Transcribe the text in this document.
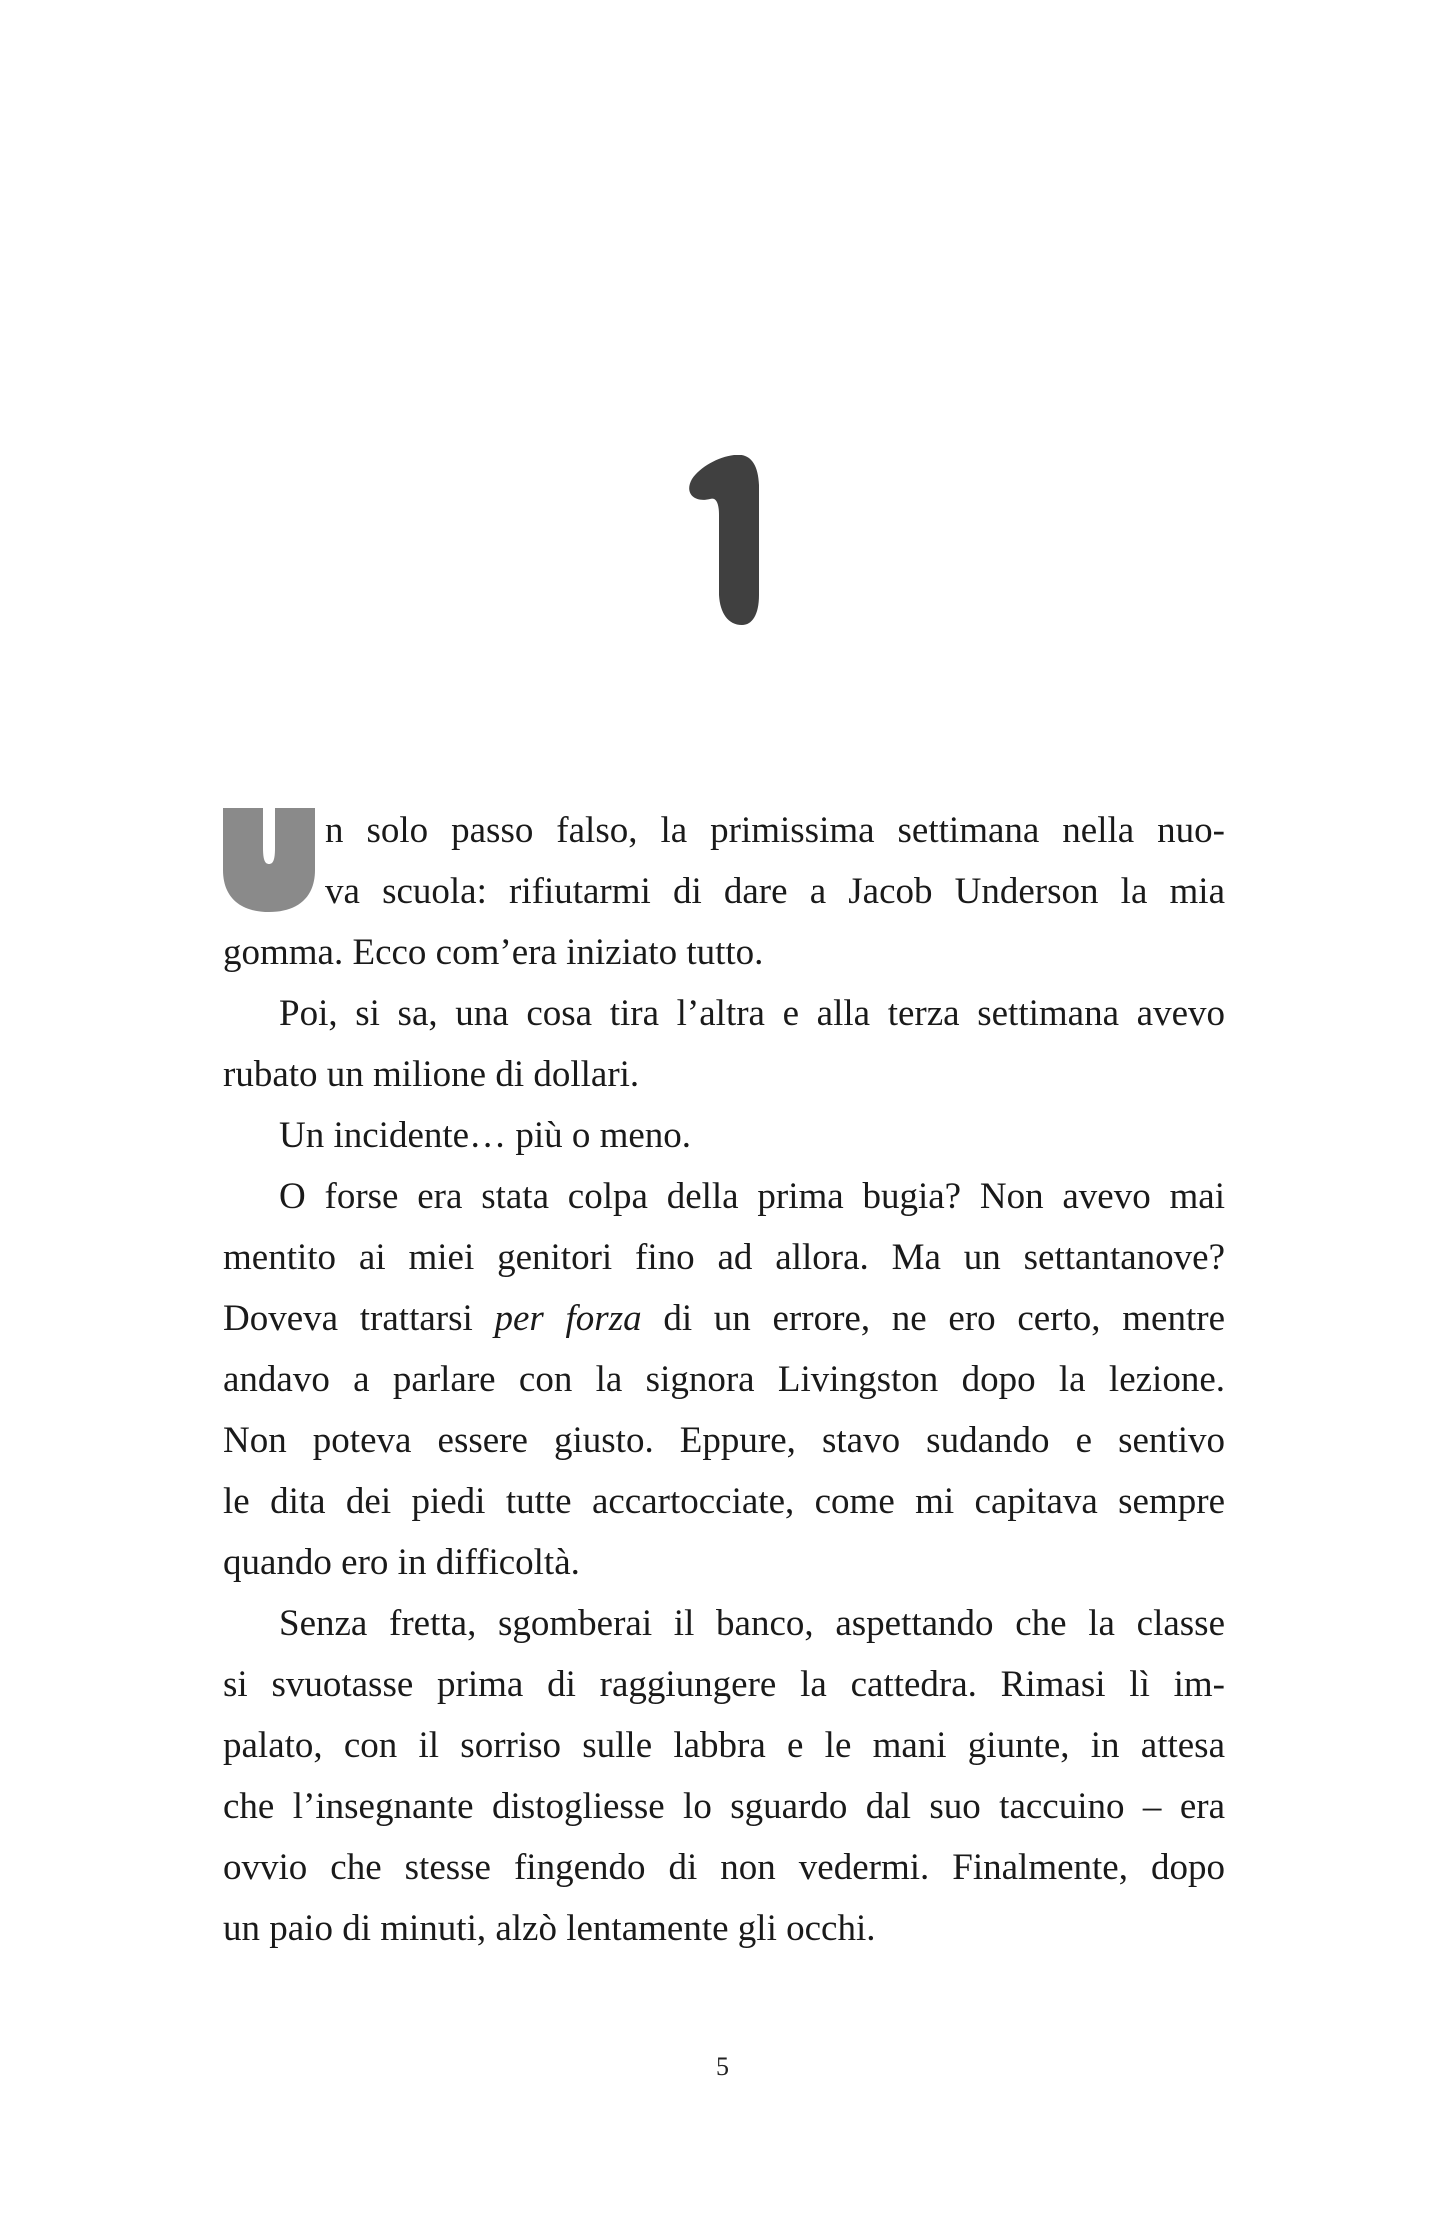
n solo passo falso, la primissima settimana nella nuo-
va scuola: rifiutarmi di dare a Jacob Underson la mia
gomma. Ecco com’era iniziato tutto.
Poi, si sa, una cosa tira l’altra e alla terza settimana avevo
rubato un milione di dollari.
Un incidente… più o meno.
O forse era stata colpa della prima bugia? Non avevo mai
mentito ai miei genitori fino ad allora. Ma un settantanove?
Doveva trattarsi per forza di un errore, ne ero certo, mentre
andavo a parlare con la signora Livingston dopo la lezione.
Non poteva essere giusto. Eppure, stavo sudando e sentivo
le dita dei piedi tutte accartocciate, come mi capitava sempre
quando ero in difficoltà.
Senza fretta, sgomberai il banco, aspettando che la classe
si svuotasse prima di raggiungere la cattedra. Rimasi lì im-
palato, con il sorriso sulle labbra e le mani giunte, in attesa
che l’insegnante distogliesse lo sguardo dal suo taccuino – era
ovvio che stesse fingendo di non vedermi. Finalmente, dopo
un paio di minuti, alzò lentamente gli occhi.
5
